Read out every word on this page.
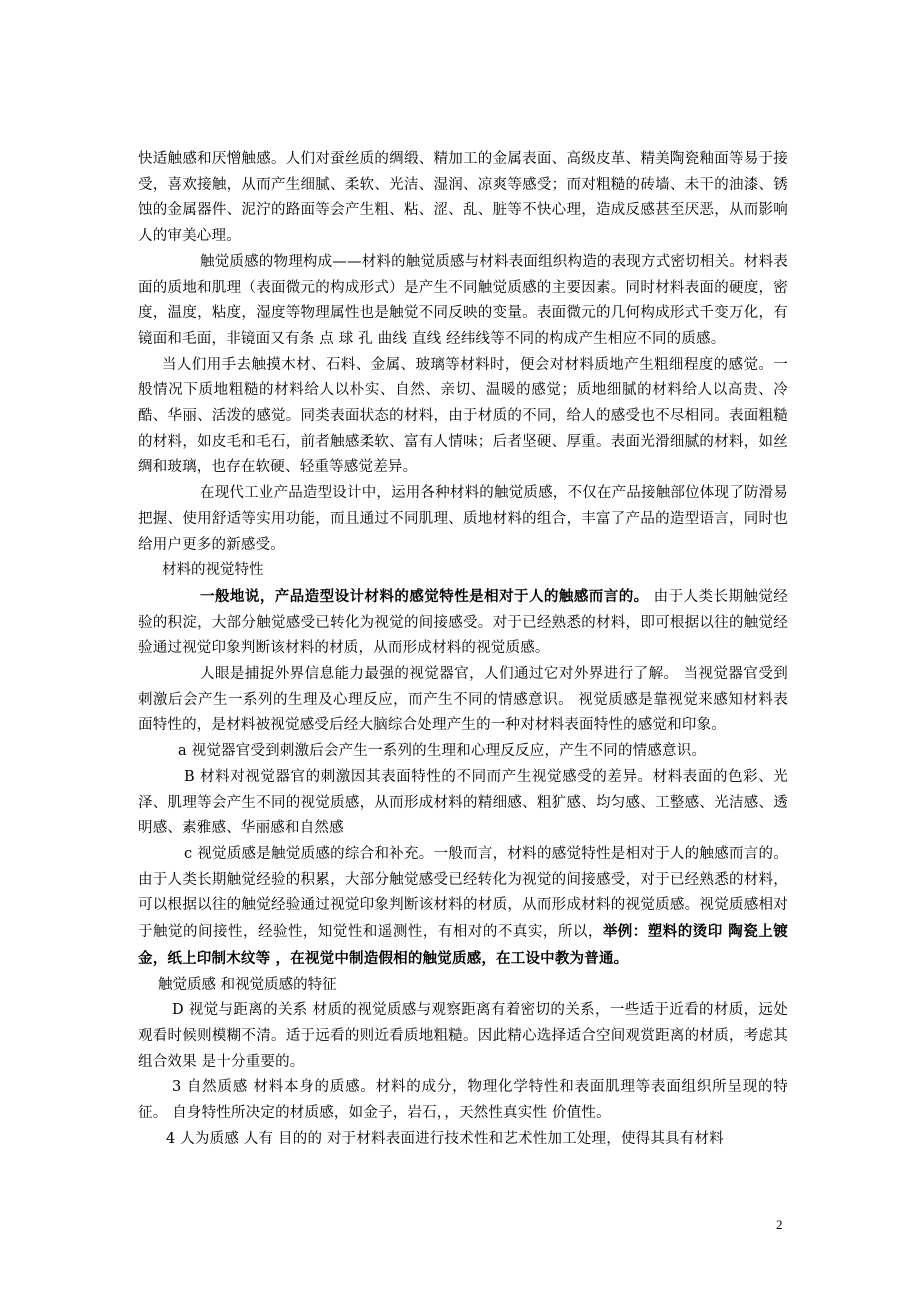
快适触感和厌憎触感。人们对蚕丝质的绸缎、精加工的金属表面、高级皮革、精美陶瓷釉面等易于接受，喜欢接触，从而产生细腻、柔软、光洁、湿润、凉爽等感受；而对粗糙的砖墙、未干的油漆、锈蚀的金属器件、泥泞的路面等会产生粗、粘、涩、乱、脏等不快心理，造成反感甚至厌恶，从而影响人的审美心理。

触觉质感的物理构成——材料的触觉质感与材料表面组织构造的表现方式密切相关。材料表面的质地和肌理（表面微元的构成形式）是产生不同触觉质感的主要因素。同时材料表面的硬度，密度，温度，粘度，湿度等物理属性也是触觉不同反映的变量。表面微元的几何构成形式千变万化，有镜面和毛面，非镜面又有条 点 球 孔 曲线 直线 经纬线等不同的构成产生相应不同的质感。

当人们用手去触摸木材、石料、金属、玻璃等材料时，便会对材料质地产生粗细程度的感觉。一般情况下质地粗糙的材料给人以朴实、自然、亲切、温暖的感觉；质地细腻的材料给人以高贵、冷酷、华丽、活泼的感觉。同类表面状态的材料，由于材质的不同，给人的感受也不尽相同。表面粗糙的材料，如皮毛和毛石，前者触感柔软、富有人情味；后者坚硬、厚重。表面光滑细腻的材料，如丝绸和玻璃，也存在软硬、轻重等感觉差异。

在现代工业产品造型设计中，运用各种材料的触觉质感，不仅在产品接触部位体现了防滑易把握、使用舒适等实用功能，而且通过不同肌理、质地材料的组合，丰富了产品的造型语言，同时也给用户更多的新感受。

材料的视觉特性

一般地说，产品造型设计材料的感觉特性是相对于人的触感而言的。 由于人类长期触觉经验的积淀，大部分触觉感受已转化为视觉的间接感受。对于已经熟悉的材料，即可根据以往的触觉经验通过视觉印象判断该材料的材质，从而形成材料的视觉质感。

人眼是捕捉外界信息能力最强的视觉器官，人们通过它对外界进行了解。 当视觉器官受到刺激后会产生一系列的生理及心理反应，而产生不同的情感意识。 视觉质感是靠视觉来感知材料表面特性的，是材料被视觉感受后经大脑综合处理产生的一种对材料表面特性的感觉和印象。

a 视觉器官受到刺激后会产生一系列的生理和心理反反应，产生不同的情感意识。

B 材料对视觉器官的刺激因其表面特性的不同而产生视觉感受的差异。材料表面的色彩、光泽、肌理等会产生不同的视觉质感，从而形成材料的精细感、粗犷感、均匀感、工整感、光洁感、透明感、素雅感、华丽感和自然感

c 视觉质感是触觉质感的综合和补充。一般而言，材料的感觉特性是相对于人的触感而言的。由于人类长期触觉经验的积累，大部分触觉感受已经转化为视觉的间接感受，对于已经熟悉的材料，可以根据以往的触觉经验通过视觉印象判断该材料的材质，从而形成材料的视觉质感。视觉质感相对于触觉的间接性，经验性，知觉性和遥测性，有相对的不真实，所以，举例：塑料的烫印 陶瓷上镀金，纸上印制木纹等 ，在视觉中制造假相的触觉质感，在工设中教为普通。

触觉质感 和视觉质感的特征

D 视觉与距离的关系 材质的视觉质感与观察距离有着密切的关系，一些适于近看的材质，远处观看时候则模糊不清。适于远看的则近看质地粗糙。因此精心选择适合空间观赏距离的材质，考虑其组合效果 是十分重要的。

3 自然质感 材料本身的质感。材料的成分，物理化学特性和表面肌理等表面组织所呈现的特征。 自身特性所决定的材质感，如金子，岩石，，天然性真实性 价值性。

4 人为质感 人有 目的的 对于材料表面进行技术性和艺术性加工处理，使得其具有材料

2
